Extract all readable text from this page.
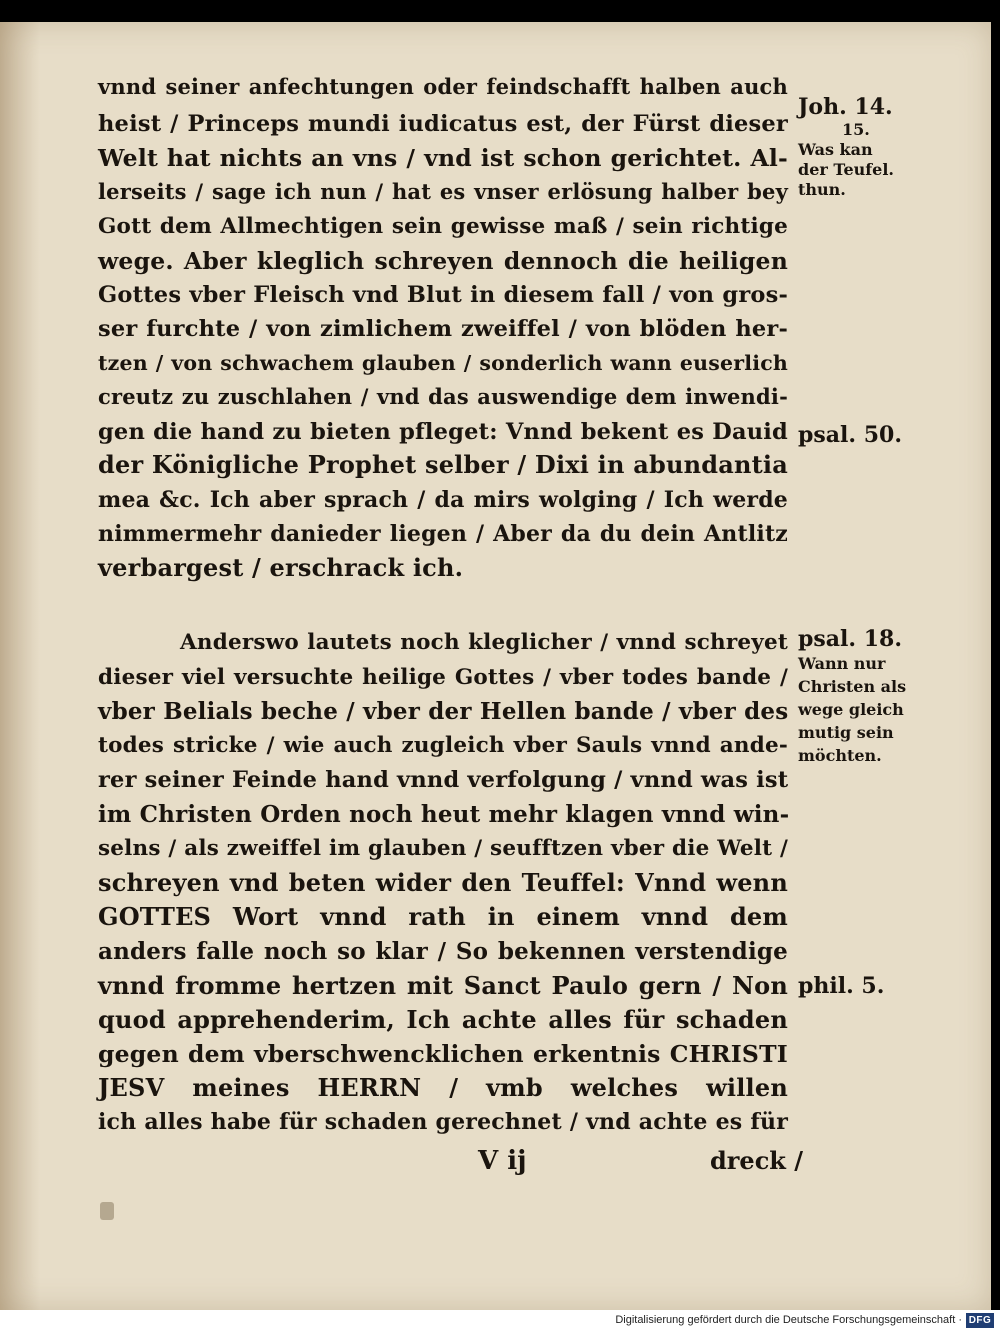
vnnd seiner anfechtungen oder feindschafft halben auch
heist / Princeps mundi iudicatus est, der Fürst dieser
Welt hat nichts an vns / vnd ist schon gerichtet. Al-
lerseits / sage ich nun / hat es vnser erlösung halber bey
Gott dem Allmechtigen sein gewisse maß / sein richtige
wege. Aber kleglich schreyen dennoch die heiligen
Gottes vber Fleisch vnd Blut in diesem fall / von gros-
ser furchte / von zimlichem zweiffel / von blöden her-
tzen / von schwachem glauben / sonderlich wann euserlich
creutz zu zuschlahen / vnd das auswendige dem inwendi-
gen die hand zu bieten pfleget: Vnnd bekent es Dauid
der Königliche Prophet selber / Dixi in abundantia
mea &c. Ich aber sprach / da mirs wolging / Ich werde
nimmermehr danieder liegen / Aber da du dein Antlitz
verbargest / erschrack ich.
Anderswo lautets noch kleglicher / vnnd schreyet
dieser viel versuchte heilige Gottes / vber todes bande /
vber Belials beche / vber der Hellen bande / vber des
todes stricke / wie auch zugleich vber Sauls vnnd ande-
rer seiner Feinde hand vnnd verfolgung / vnnd was ist
im Christen Orden noch heut mehr klagen vnnd win-
selns / als zweiffel im glauben / seufftzen vber die Welt /
schreyen vnd beten wider den Teuffel: Vnnd wenn
GOTTES Wort vnnd rath in einem vnnd dem
anders falle noch so klar / So bekennen verstendige
vnnd fromme hertzen mit Sanct Paulo gern / Non
quod apprehenderim, Ich achte alles für schaden
gegen dem vberschwencklichen erkentnis CHRISTI
JESV meines HERRN / vmb welches willen
ich alles habe für schaden gerechnet / vnd achte es für
V ij	dreck /
Joh. 14.
15.
Was kan
der Teufel.
thun.
psal. 50.
psal. 18.
Wann nur
Christen als
wege gleich
mutig sein
möchten.
phil. 5.
Digitalisierung gefördert durch die Deutsche Forschungsgemeinschaft · DFG
